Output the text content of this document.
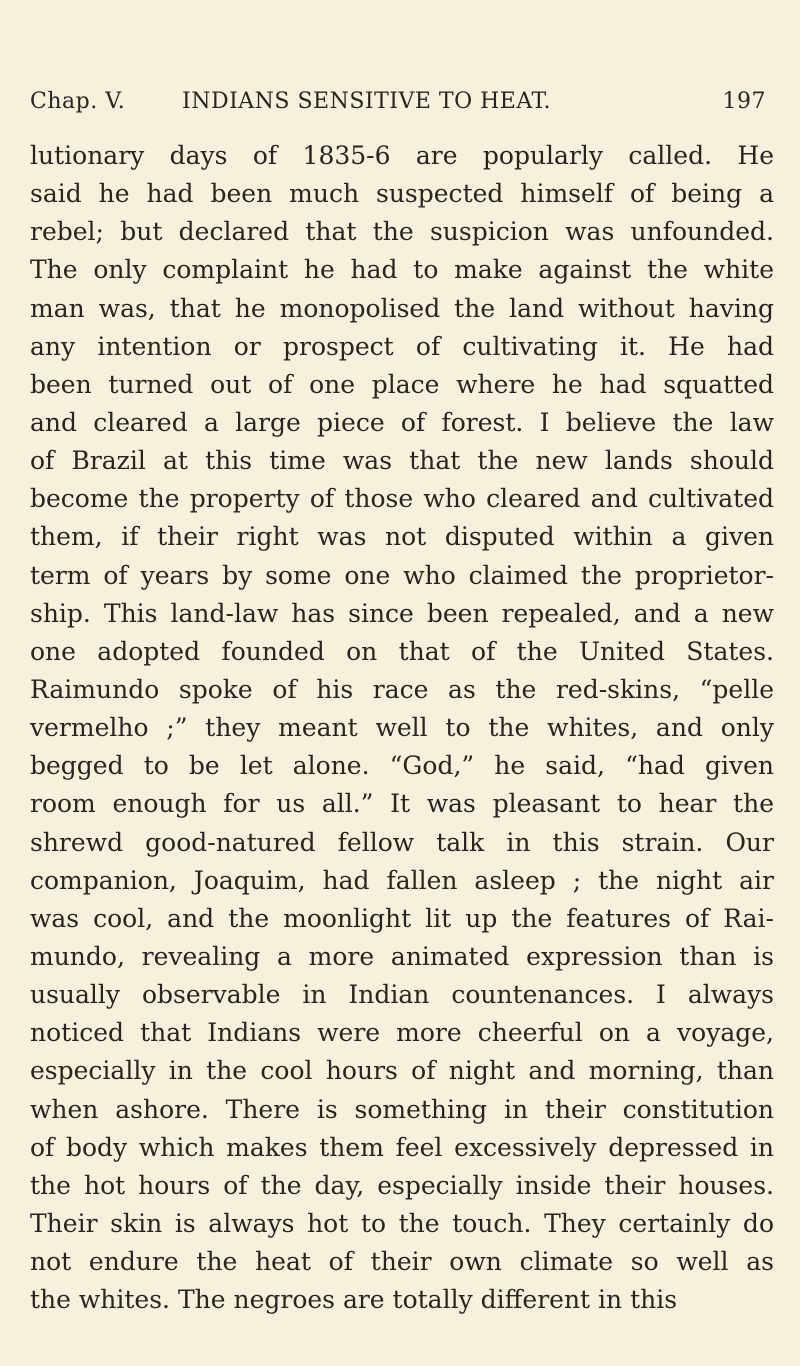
Chap. V.	INDIANS SENSITIVE TO HEAT.	197
lutionary days of 1835-6 are popularly called. He
said he had been much suspected himself of being a
rebel; but declared that the suspicion was unfounded.
The only complaint he had to make against the white
man was, that he monopolised the land without having
any intention or prospect of cultivating it. He had
been turned out of one place where he had squatted
and cleared a large piece of forest. I believe the law
of Brazil at this time was that the new lands should
become the property of those who cleared and cultivated
them, if their right was not disputed within a given
term of years by some one who claimed the proprietor-
ship. This land-law has since been repealed, and a new
one adopted founded on that of the United States.
Raimundo spoke of his race as the red-skins, “pelle
vermelho ;” they meant well to the whites, and only
begged to be let alone. “God,” he said, “had given
room enough for us all.” It was pleasant to hear the
shrewd good-natured fellow talk in this strain. Our
companion, Joaquim, had fallen asleep ; the night air
was cool, and the moonlight lit up the features of Rai-
mundo, revealing a more animated expression than is
usually observable in Indian countenances. I always
noticed that Indians were more cheerful on a voyage,
especially in the cool hours of night and morning, than
when ashore. There is something in their constitution
of body which makes them feel excessively depressed in
the hot hours of the day, especially inside their houses.
Their skin is always hot to the touch. They certainly do
not endure the heat of their own climate so well as
the whites. The negroes are totally different in this
